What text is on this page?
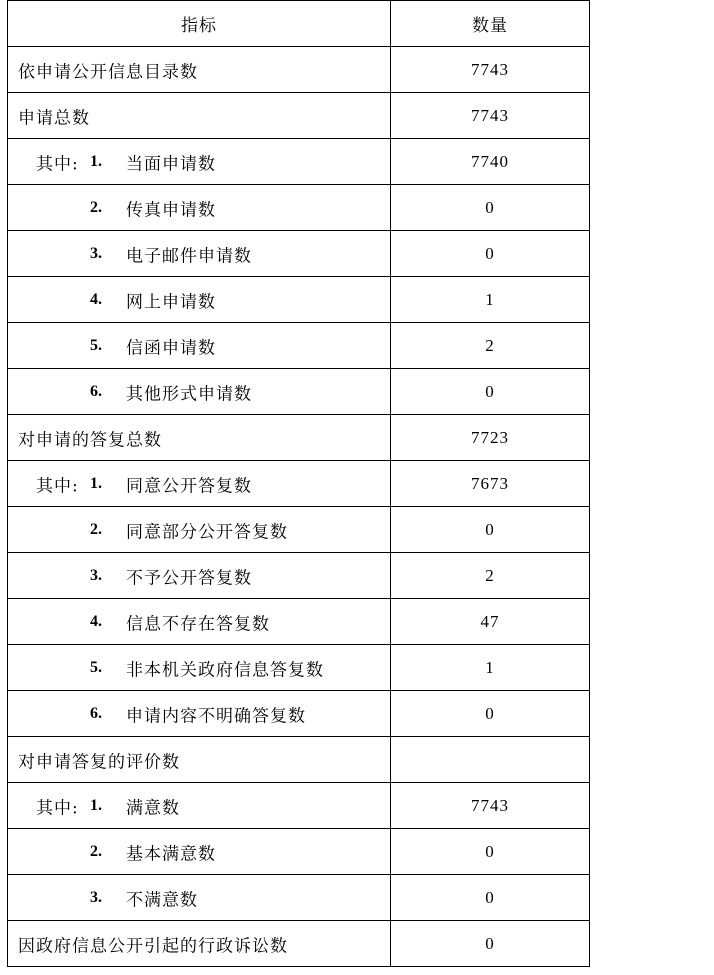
指标	数量

依申请公开信息目录数	7743

申请总数	7743

其中: 1. 当面申请数	7740

2. 传真申请数	0

3. 电子邮件申请数	0

4. 网上申请数	1

5. 信函申请数	2

6. 其他形式申请数	0

对申请的答复总数	7723

其中: 1. 同意公开答复数	7673

2. 同意部分公开答复数	0

3. 不予公开答复数	2

4. 信息不存在答复数	47

5. 非本机关政府信息答复数	1

6. 申请内容不明确答复数	0

对申请答复的评价数	

其中: 1. 满意数	7743

2. 基本满意数	0

3. 不满意数	0

因政府信息公开引起的行政诉讼数	0
